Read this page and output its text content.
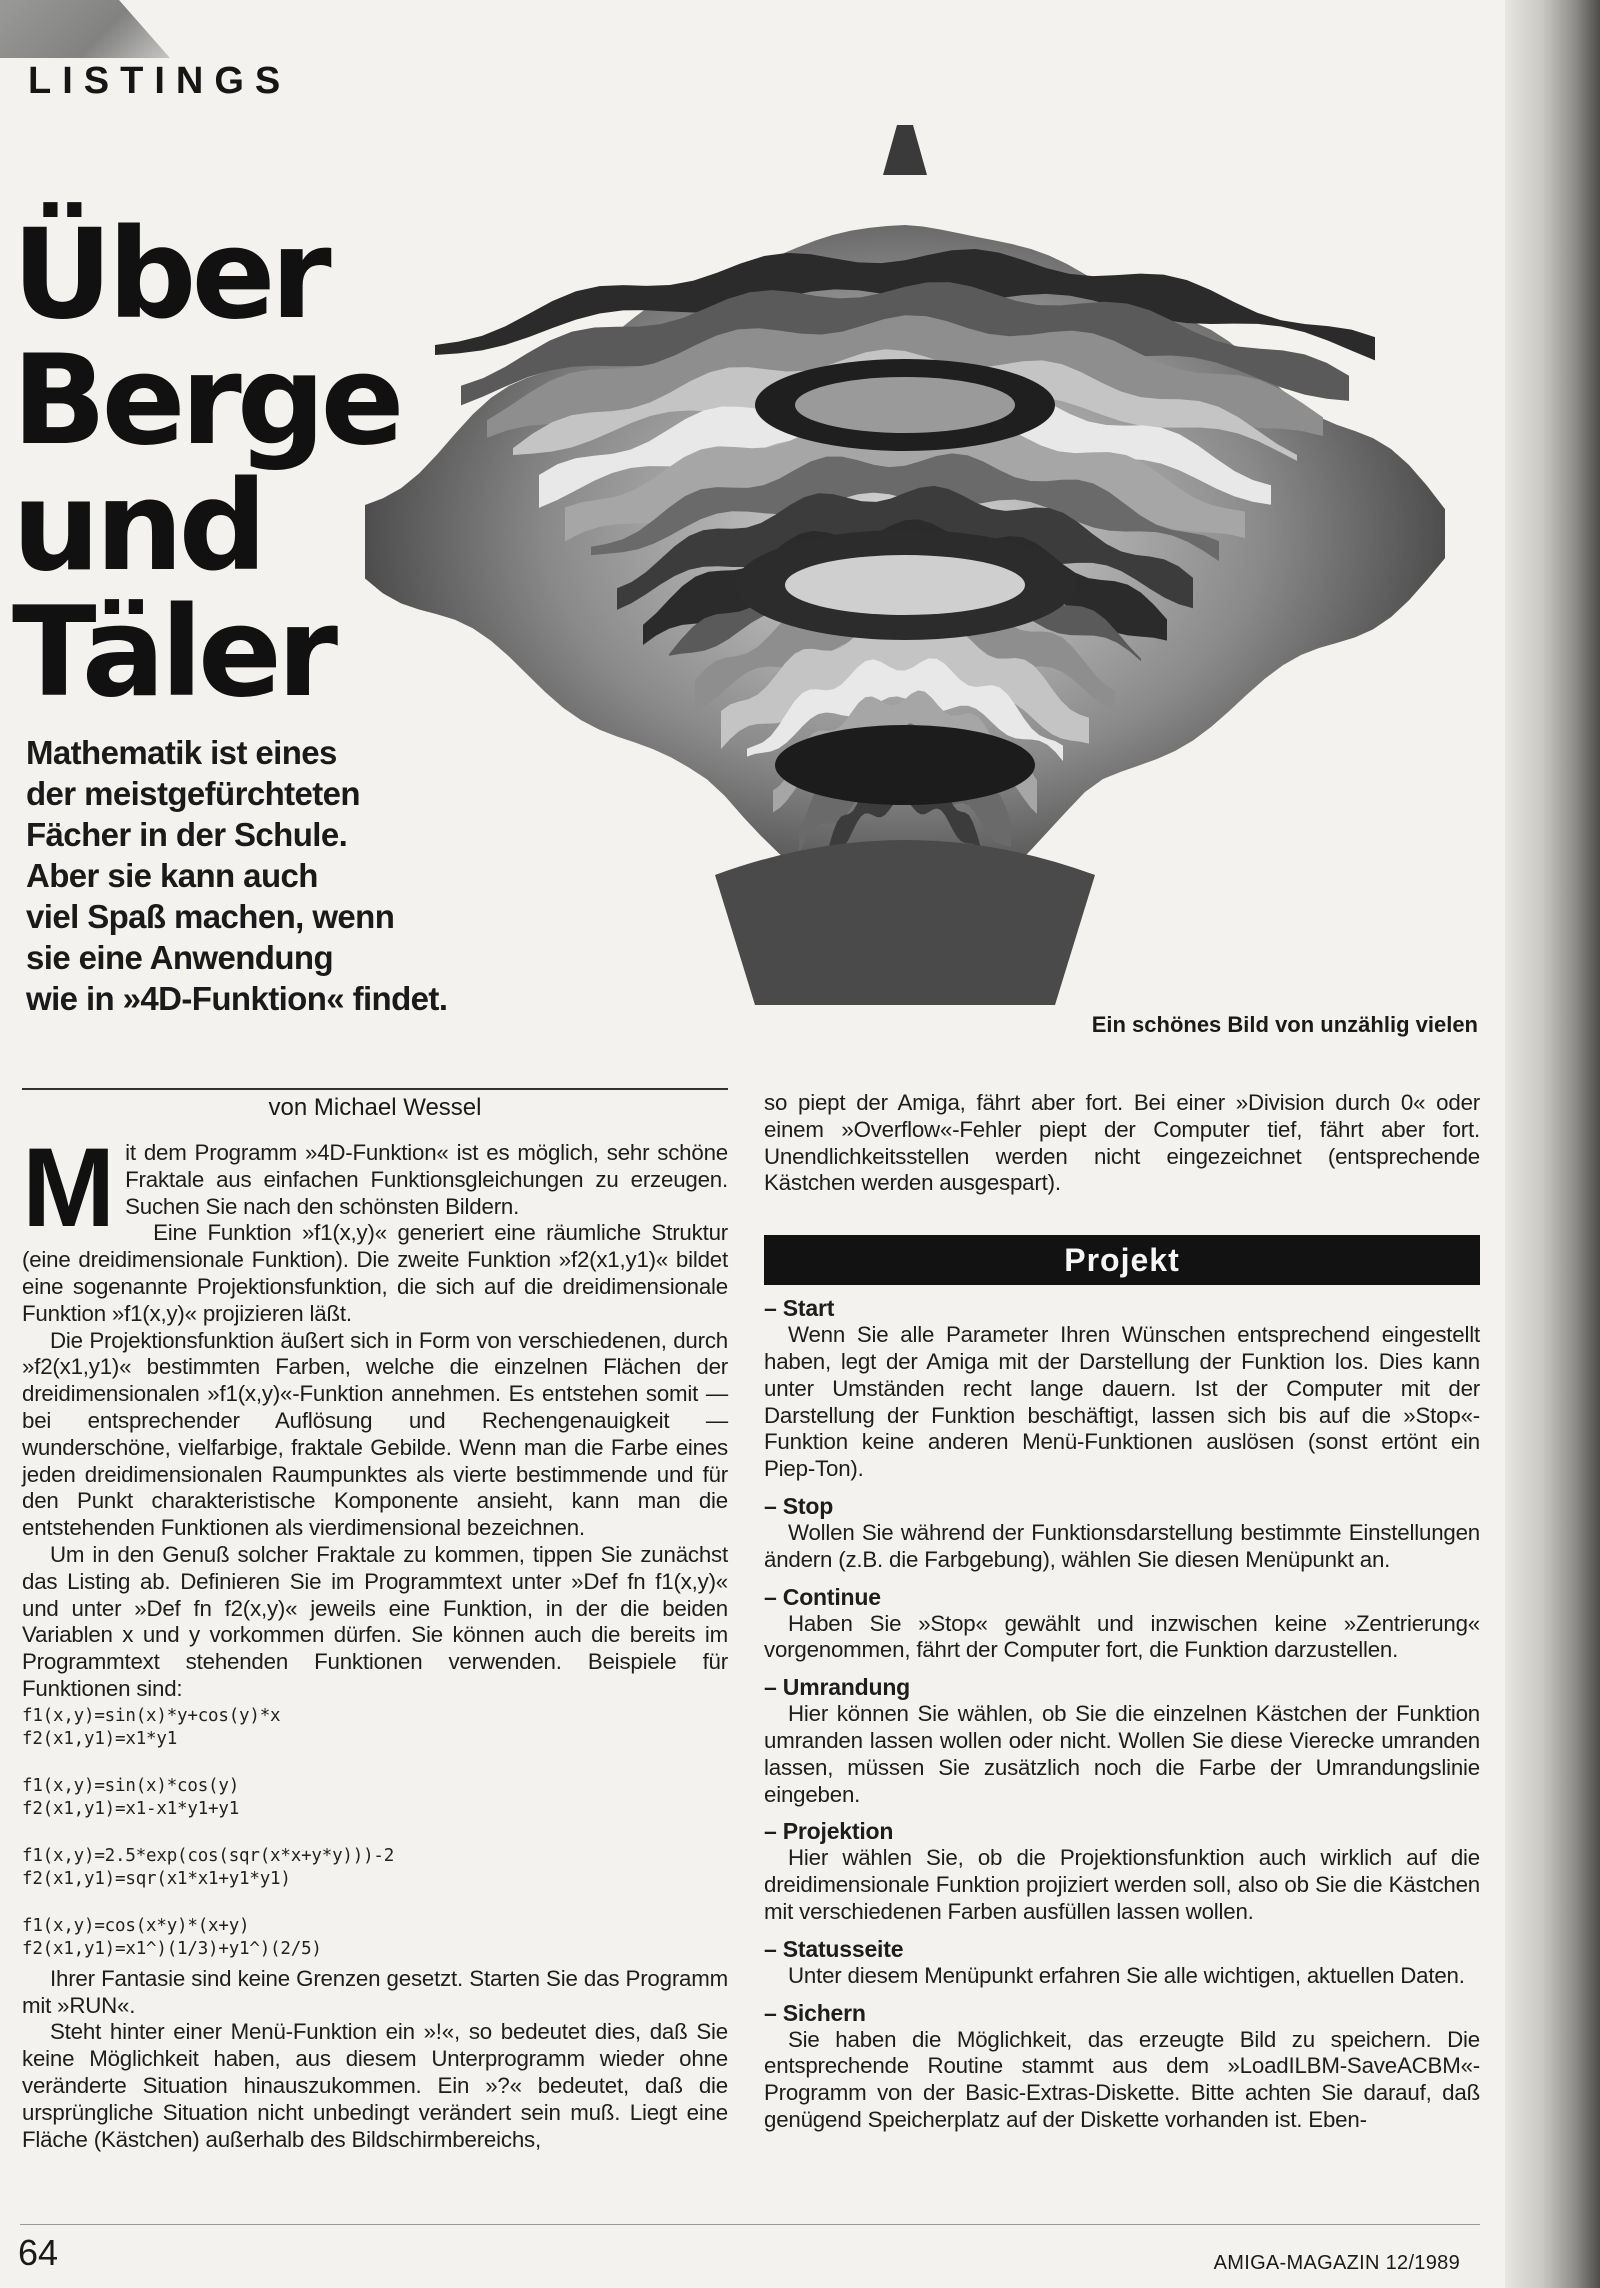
LISTINGS
Über
Berge
und
Täler
Mathematik ist eines
der meistgefürchteten
Fächer in der Schule.
Aber sie kann auch
viel Spaß machen, wenn
sie eine Anwendung
wie in »4D-Funktion« findet.
Ein schönes Bild von unzählig vielen
von Michael Wessel

Mit dem Programm »4D-Funktion« ist es möglich, sehr schöne Fraktale aus einfachen Funktionsgleichungen zu erzeugen. Suchen Sie nach den schönsten Bildern.

Eine Funktion »f1(x,y)« generiert eine räumliche Struktur (eine dreidimensionale Funktion). Die zweite Funktion »f2(x1,y1)« bildet eine sogenannte Projektionsfunktion, die sich auf die dreidimensionale Funktion »f1(x,y)« projizieren läßt.

Die Projektionsfunktion äußert sich in Form von verschiedenen, durch »f2(x1,y1)« bestimmten Farben, welche die einzelnen Flächen der dreidimensionalen »f1(x,y)«-Funktion annehmen. Es entstehen somit — bei entsprechender Auflösung und Rechengenauigkeit — wunderschöne, vielfarbige, fraktale Gebilde. Wenn man die Farbe eines jeden dreidimensionalen Raumpunktes als vierte bestimmende und für den Punkt charakteristische Komponente ansieht, kann man die entstehenden Funktionen als vierdimensional bezeichnen.

Um in den Genuß solcher Fraktale zu kommen, tippen Sie zunächst das Listing ab. Definieren Sie im Programmtext unter »Def fn f1(x,y)« und unter »Def fn f2(x,y)« jeweils eine Funktion, in der die beiden Variablen x und y vorkommen dürfen. Sie können auch die bereits im Programmtext stehenden Funktionen verwenden. Beispiele für Funktionen sind:

f1(x,y)=sin(x)*y+cos(y)*x
f2(x1,y1)=x1*y1
f1(x,y)=sin(x)*cos(y)
f2(x1,y1)=x1-x1*y1+y1
f1(x,y)=2.5*exp(cos(sqr(x*x+y*y)))-2
f2(x1,y1)=sqr(x1*x1+y1*y1)
f1(x,y)=cos(x*y)*(x+y)
f2(x1,y1)=x1^)(1/3)+y1^)(2/5)

Ihrer Fantasie sind keine Grenzen gesetzt. Starten Sie das Programm mit »RUN«.

Steht hinter einer Menü-Funktion ein »!«, so bedeutet dies, daß Sie keine Möglichkeit haben, aus diesem Unterprogramm wieder ohne veränderte Situation hinauszukommen. Ein »?« bedeutet, daß die ursprüngliche Situation nicht unbedingt verändert sein muß. Liegt eine Fläche (Kästchen) außerhalb des Bildschirmbereichs,

so piept der Amiga, fährt aber fort. Bei einer »Division durch 0« oder einem »Overflow«-Fehler piept der Computer tief, fährt aber fort. Unendlichkeitsstellen werden nicht eingezeichnet (entsprechende Kästchen werden ausgespart).

Projekt
– Start

Wenn Sie alle Parameter Ihren Wünschen entsprechend eingestellt haben, legt der Amiga mit der Darstellung der Funktion los. Dies kann unter Umständen recht lange dauern. Ist der Computer mit der Darstellung der Funktion beschäftigt, lassen sich bis auf die »Stop«-Funktion keine anderen Menü-Funktionen auslösen (sonst ertönt ein Piep-Ton).

– Stop

Wollen Sie während der Funktionsdarstellung bestimmte Einstellungen ändern (z.B. die Farbgebung), wählen Sie diesen Menüpunkt an.

– Continue

Haben Sie »Stop« gewählt und inzwischen keine »Zentrierung« vorgenommen, fährt der Computer fort, die Funktion darzustellen.

– Umrandung

Hier können Sie wählen, ob Sie die einzelnen Kästchen der Funktion umranden lassen wollen oder nicht. Wollen Sie diese Vierecke umranden lassen, müssen Sie zusätzlich noch die Farbe der Umrandungslinie eingeben.

– Projektion

Hier wählen Sie, ob die Projektionsfunktion auch wirklich auf die dreidimensionale Funktion projiziert werden soll, also ob Sie die Kästchen mit verschiedenen Farben ausfüllen lassen wollen.

– Statusseite

Unter diesem Menüpunkt erfahren Sie alle wichtigen, aktuellen Daten.

– Sichern

Sie haben die Möglichkeit, das erzeugte Bild zu speichern. Die entsprechende Routine stammt aus dem »LoadILBM-SaveACBM«-Programm von der Basic-Extras-Diskette. Bitte achten Sie darauf, daß genügend Speicherplatz auf der Diskette vorhanden ist. Eben-

64	AMIGA-MAGAZIN 12/1989
